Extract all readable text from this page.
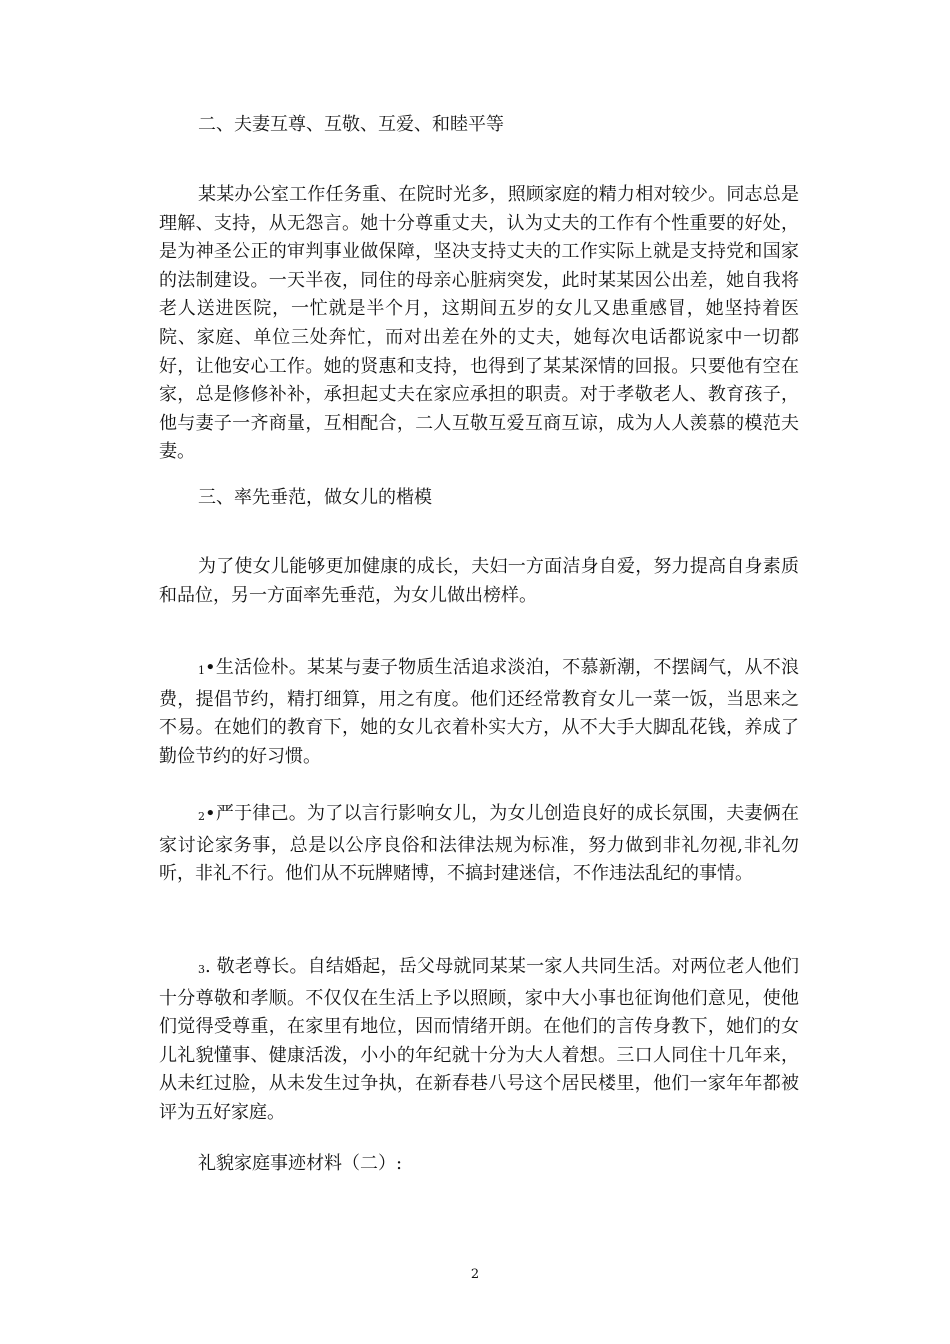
二、夫妻互尊、互敬、互爱、和睦平等

某某办公室工作任务重、在院时光多，照顾家庭的精力相对较少。同志总是理解、支持，从无怨言。她十分尊重丈夫，认为丈夫的工作有个性重要的好处，是为神圣公正的审判事业做保障，坚决支持丈夫的工作实际上就是支持党和国家的法制建设。一天半夜，同住的母亲心脏病突发，此时某某因公出差，她自我将老人送进医院，一忙就是半个月，这期间五岁的女儿又患重感冒，她坚持着医院、家庭、单位三处奔忙，而对出差在外的丈夫，她每次电话都说家中一切都好，让他安心工作。她的贤惠和支持，也得到了某某深情的回报。只要他有空在家，总是修修补补，承担起丈夫在家应承担的职责。对于孝敬老人、教育孩子，他与妻子一齐商量，互相配合，二人互敬互爱互商互谅，成为人人羡慕的模范夫妻。

三、率先垂范，做女儿的楷模

为了使女儿能够更加健康的成长，夫妇一方面洁身自爱，努力提高自身素质和品位，另一方面率先垂范，为女儿做出榜样。

1•生活俭朴。某某与妻子物质生活追求淡泊，不慕新潮，不摆阔气，从不浪费，提倡节约，精打细算，用之有度。他们还经常教育女儿一菜一饭，当思来之不易。在她们的教育下，她的女儿衣着朴实大方，从不大手大脚乱花钱，养成了勤俭节约的好习惯。

2•严于律己。为了以言行影响女儿，为女儿创造良好的成长氛围，夫妻俩在家讨论家务事，总是以公序良俗和法律法规为标准，努力做到非礼勿视,非礼勿听，非礼不行。他们从不玩牌赌博，不搞封建迷信，不作违法乱纪的事情。

3. 敬老尊长。自结婚起，岳父母就同某某一家人共同生活。对两位老人他们十分尊敬和孝顺。不仅仅在生活上予以照顾，家中大小事也征询他们意见，使他们觉得受尊重，在家里有地位，因而情绪开朗。在他们的言传身教下，她们的女儿礼貌懂事、健康活泼，小小的年纪就十分为大人着想。三口人同住十几年来，从未红过脸，从未发生过争执，在新春巷八号这个居民楼里，他们一家年年都被评为五好家庭。

礼貌家庭事迹材料（二）:
2
